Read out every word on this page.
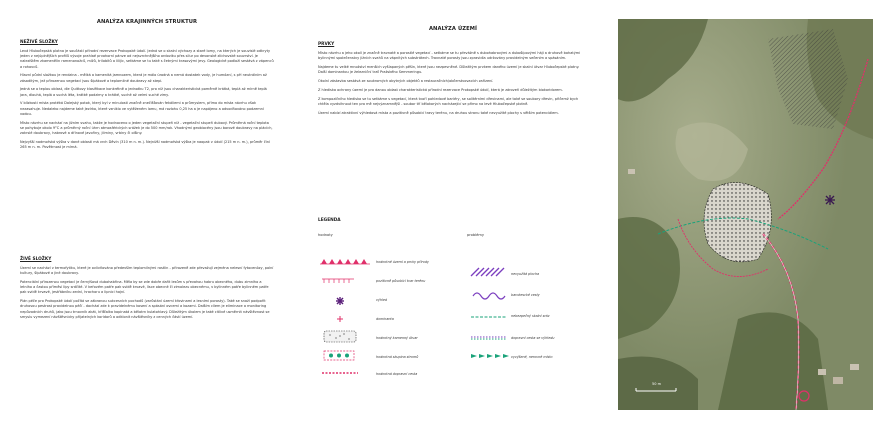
ANALÝZA KRAJINNÝCH STRUKTUR
NEŽIVÉ SLOŽKY

Levá Hlubočepská plotna je součástí přírodní rezervace Prokopské údolí. Jedná se o skalní výchozy a staré lomy, na kterých je souvislé odkryty jeden z nejúplnějších profilů vývoje prahlaé prvohorní pánve od nejsvrchnějšího ordoviku přes silur po devonské zlíchovské souvrství. Je nalezištěm zkamenělin ramenonožců, mlžů, trilobitů a lilijic, setkáme se tu také s četnými krasovými jevy. Geologické podloží sestává z vápenců a rohovců.

Hlavní půdní složkou je rendzina - mělká a kamenitá jamnozem, která je málo úrodná a nemá dostatek vody, je humózní, s pH neutrálním až zásaditým, jež přirozenou vegetací jsou šípákové a teplomilné doubravy až stepi.

Jedná se o teplou oblast, dle Quittovy klasifikace konkrétně o jednotku T2, pro níž jsou charakteristická poměrně krátká, teplá až mírně teplá jara, dlouhá, teplá a suchá léta, krátké podzimy a krátké, suché až velmi suché zimy.

V blízkosti místa protéká Dalejský potok, který byl v minulosti značně znečišťován fekáliemi a průmyslem, přímo do místa návrhu však nezasahuje. Nedaleko najdeme také Jezírko, které vzniklo ve vytěženém lomu, má rozlohu 0,25 ha a je napájeno a odvodňováno podzemní vodou.

Místo návrhu se nachází na jižním svahu, takže je hodnoceno o jeden vegetační stupeň níž - vegetační stupeň dubový. Průměrná roční teplota se pohybuje okolo 9°C a průměrný roční úhrn atmosférických srážek je do 500 mm/rok. Vhodnými geobiocény jsou borové doubravy na plácích, zakrslé doubravy, habrové a dřínové javořiny, jilminy, vrbiny či olšiny.

Nejvyšší nadmořská výška v dané oblasti má vrch Děvín (310 m n. m.). Nejnižší nadmořská výška je naopak v údolí (215 m n. m.), průměr činí 265 m n. m. Povětrnost je mírná.

ŽIVÉ SLOŽKY

Území se nachází v termofytiku, které je ovlivňováno především teplomilnými rostlin - přirozeně zde převažují zejména nelesní fytocenózy, polní kultury, šípákové a jiné doubravy.

Potenciální přirozenou vegetací je černýšová dubohabřina. Měla by se zde dobře dařit lesům s převahou habru obecného, dubu zimního a letního a častou příměsí lípy srdčité. V keřovém patře pak svídě krvavé, lísce obecné či zimolezu obecnému, v bylinném patře bylinném patře pak svídě krvavé, jestřábníku zední, hrachoru a lipnici hajní.

Plán péče pro Prokopské údolí počítá se zábranou sukcesních pochodů (zarůstání území křovinami a lesními porosty). Také se snaží podpořit druhovou pestrost pravidelnou péčí - dochází zde k pravidelnému kosení a spásání ovcemi a kozami. Dalším cílem je eliminace a monitoring nepůvodních druhů, jako jsou trnovník akát, kříšťalka kopinatá a bělotrn kulatohlavý. Důležitým úkolem je také citlivé usměrnit návštěvnost se smyslu vymezení návštěvnicky přijatelných koridorů a odklonit návštěvníky z cenných částí území.

ANALÝZA ÚZEMÍ
PRVKY

Místo návrhu a jeho okolí je značně travnaté a porostlé vegetací - setkáme se tu převážně s dubohabrovými a dubošípovými háji a druhově bohatými bylinnými společenstvy jižních svahů na vápnitých substrátech. Travnaté porosty jsou zpravidla udržovány pravidelným sečením a spásáním.

Najdeme tu velké množství menších vyšlapaných pěšin, které jsou nezpevněné. Důležitým prvkem daného území je skalní útvar Hlubočepské plotny. Další dominantou je železniční trať Pražského Semmeringu.

Okolní zástavba sestává ze soukromých obytných objektů a restauračních/občerstvovacích zařízení.

Z hlediska ochrany území je pro danou oblast charakteristická přírodní rezervace Prokopské údolí, která je zároveň důležitým biokoridorem.

Z kompozičního hlediska se tu setkáme s vegetací, která tvoří pohledové bariéry, se solitérními dřevinami, ale také se soubory dřevin, přičemž bych chtěla vyzdvihnout ten pro mě nejvýznamnější - soubor tří bělokorých nacházející se přímo na levé Hlubočepské plotně.

Území nabízí atraktivní výhledová místa a pozitivně působící travy terénu, na druhou stranu také nevyužité plochy s větším potenciálem.

LEGENDA
hodnoty	problémy
hodnotné území a prvky přírody
pozitivně působící tvar terénu
výhled
dominanta
hodnotný kamenný útvar
hodnotná skupina stromů
hodnotná dopravní cesta
nevyužitá plocha
barokescké cesty
nebezpečný skalní sráz
dopravní cesta se výhledu
vyvýšené, nerovné místo
50 m
